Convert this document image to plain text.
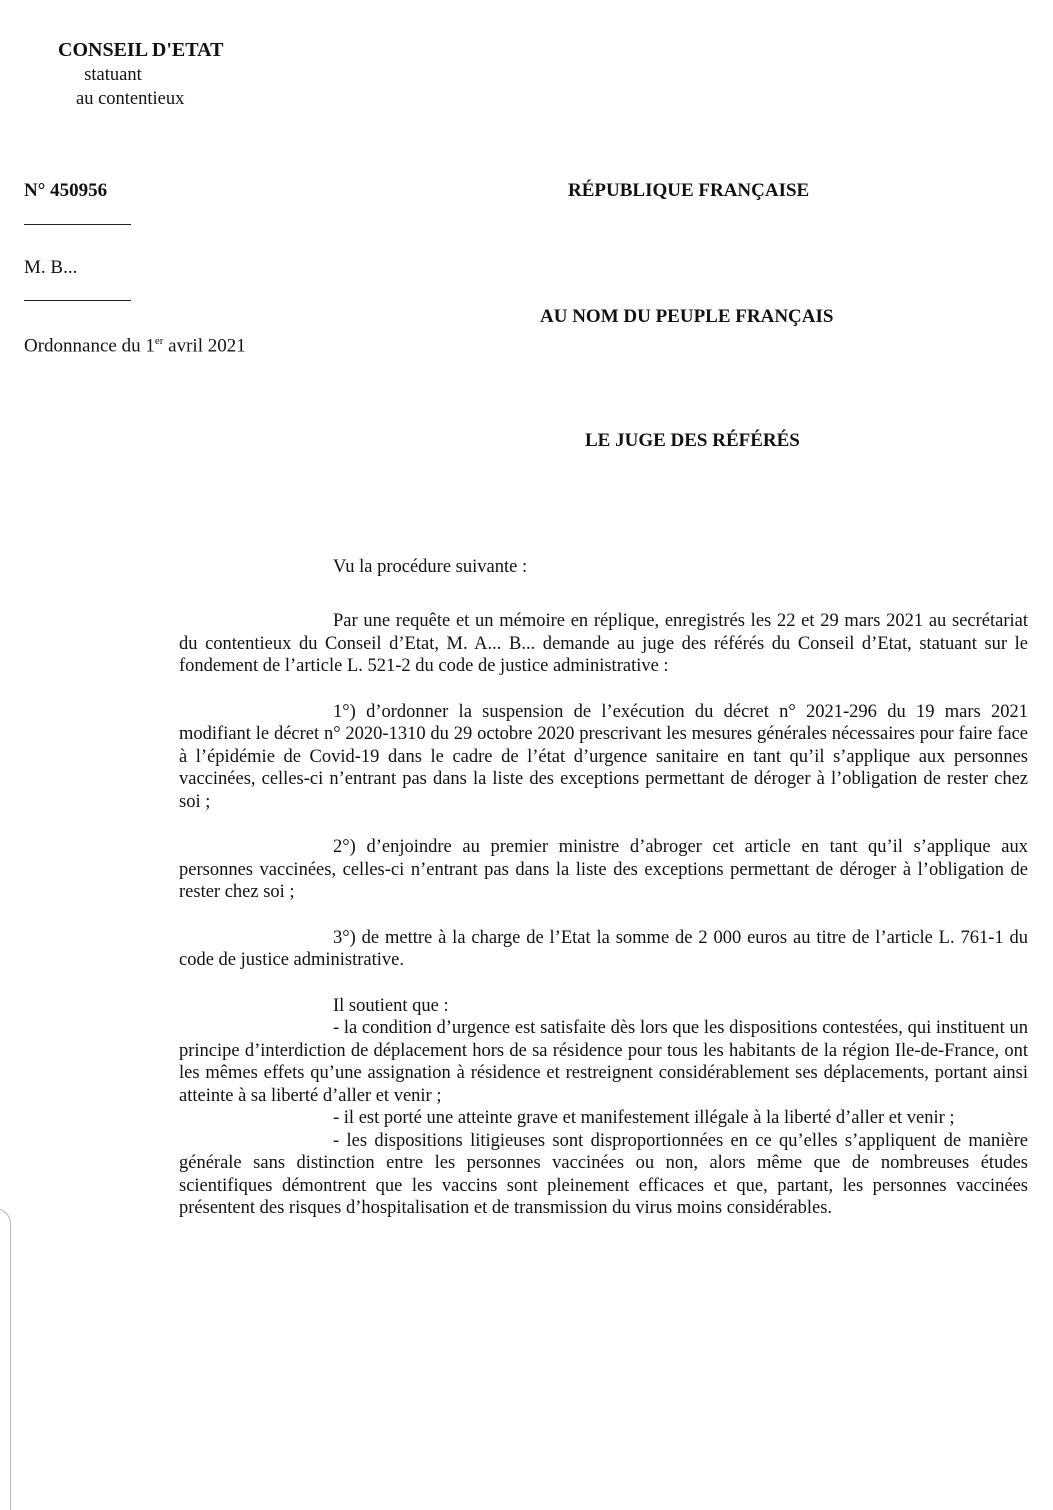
CONSEIL D'ETAT
statuant
au contentieux
N° 450956
M. B...
Ordonnance du 1er avril 2021
RÉPUBLIQUE FRANÇAISE
AU NOM DU PEUPLE FRANÇAIS
LE JUGE DES RÉFÉRÉS
Vu la procédure suivante :

Par une requête et un mémoire en réplique, enregistrés les 22 et 29 mars 2021 au secrétariat du contentieux du Conseil d’Etat, M. A... B... demande au juge des référés du Conseil d’Etat, statuant sur le fondement de l’article L. 521-2 du code de justice administrative :

1°) d’ordonner la suspension de l’exécution du décret n° 2021-296 du 19 mars 2021 modifiant le décret n° 2020-1310 du 29 octobre 2020 prescrivant les mesures générales nécessaires pour faire face à l’épidémie de Covid-19 dans le cadre de l’état d’urgence sanitaire en tant qu’il s’applique aux personnes vaccinées, celles-ci n’entrant pas dans la liste des exceptions permettant de déroger à l’obligation de rester chez soi ;

2°) d’enjoindre au premier ministre d’abroger cet article en tant qu’il s’applique aux personnes vaccinées, celles-ci n’entrant pas dans la liste des exceptions permettant de déroger à l’obligation de rester chez soi ;

3°) de mettre à la charge de l’Etat la somme de 2 000 euros au titre de l’article L. 761-1 du code de justice administrative.

Il soutient que :

- la condition d’urgence est satisfaite dès lors que les dispositions contestées, qui instituent un principe d’interdiction de déplacement hors de sa résidence pour tous les habitants de la région Ile-de-France, ont les mêmes effets qu’une assignation à résidence et restreignent considérablement ses déplacements, portant ainsi atteinte à sa liberté d’aller et venir ;

- il est porté une atteinte grave et manifestement illégale à la liberté d’aller et venir ;

- les dispositions litigieuses sont disproportionnées en ce qu’elles s’appliquent de manière générale sans distinction entre les personnes vaccinées ou non, alors même que de nombreuses études scientifiques démontrent que les vaccins sont pleinement efficaces et que, partant, les personnes vaccinées présentent des risques d’hospitalisation et de transmission du virus moins considérables.
